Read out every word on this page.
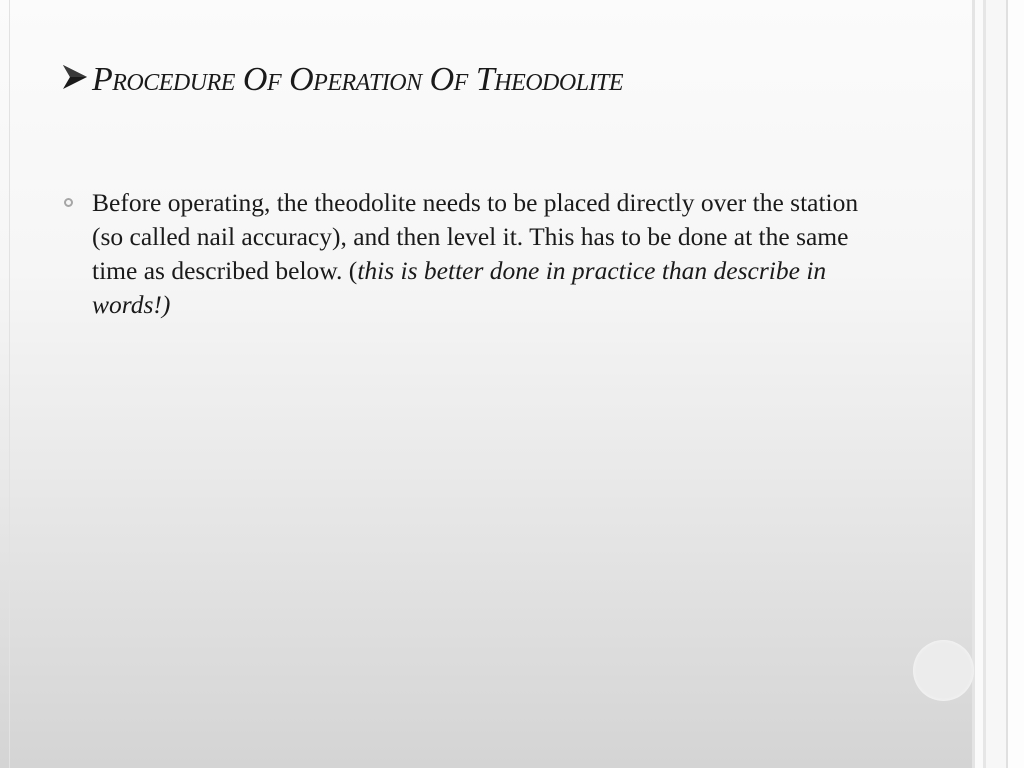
Procedure Of Operation Of Theodolite
Before operating, the theodolite needs to be placed directly over the station (so called nail accuracy), and then level it. This has to be done at the same time as described below. (this is better done in practice than describe in words!)
